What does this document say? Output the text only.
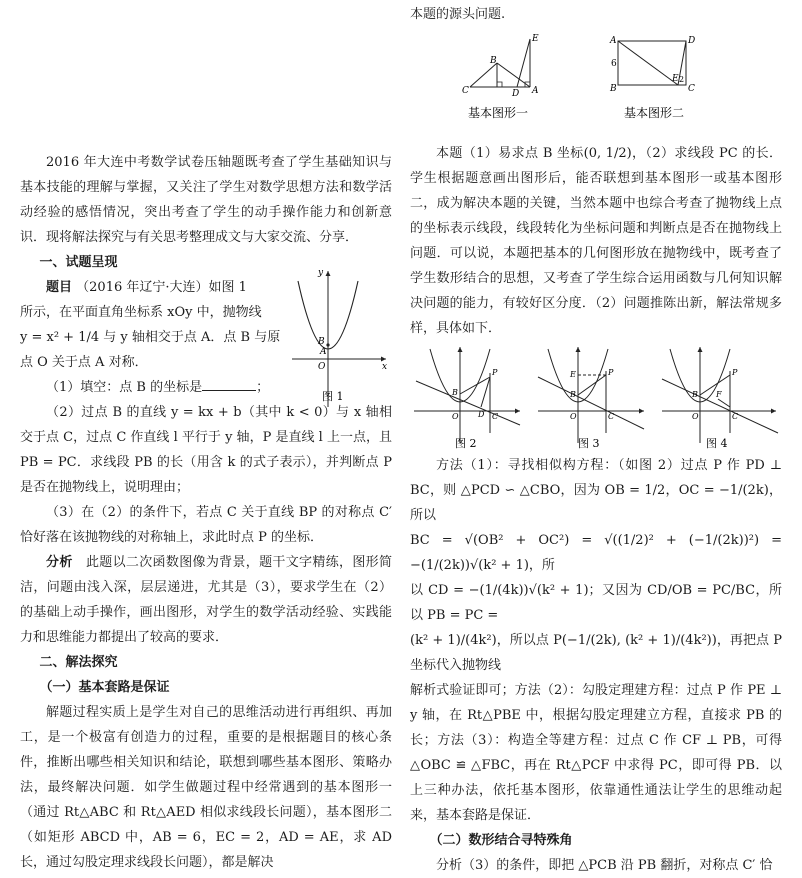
2016 年大连中考数学试卷压轴题既考查了学生基础知识与基本技能的理解与掌握，又关注了学生对数学思想方法和数学活动经验的感悟情况，突出考查了学生的动手操作能力和创新意识．现将解法探究与有关思考整理成文与大家交流、分享．

一、试题呈现

题目 （2016 年辽宁·大连）如图 1

所示，在平面直角坐标系 xOy 中，抛物线

y = x² + 1/4 与 y 轴相交于点 A．点 B 与原

点 O 关于点 A 对称．

（1）填空：点 B 的坐标是	；

y
B
A
O	x
图 1

（2）过点 B 的直线 y = kx + b（其中 k < 0）与 x 轴相交于点 C，过点 C 作直线 l 平行于 y 轴，P 是直线 l 上一点，且 PB = PC．求线段 PB 的长（用含 k 的式子表示），并判断点 P 是否在抛物线上，说明理由；

（3）在（2）的条件下，若点 C 关于直线 BP 的对称点 C′ 恰好落在该抛物线的对称轴上，求此时点 P 的坐标．

分析　 此题以二次函数图像为背景，题干文字精练，图形简洁，问题由浅入深，层层递进，尤其是（3），要求学生在（2）的基础上动手操作，画出图形，对学生的数学活动经验、实践能力和思维能力都提出了较高的要求．

二、解法探究

（一）基本套路是保证

解题过程实质上是学生对自己的思维活动进行再组织、再加工，是一个极富有创造力的过程，重要的是根据题目的核心条件，推断出哪些相关知识和结论，联想到哪些基本图形、策略办法，最终解决问题．如学生做题过程中经常遇到的基本图形一（通过 Rt△ABC 和 Rt△AED 相似求线段长问题），基本图形二（如矩形 ABCD 中，AB = 6，EC = 2，AD = AE，求 AD 长，通过勾股定理求线段长问题），都是解决

本题的源头问题.

E
B
C	D A
基本图形一
A	D
6
B
E 2
C
基本图形二

本题（1）易求点 B 坐标(0, 1/2)，（2）求线段 PC 的长．学生根据题意画出图形后，能否联想到基本图形一或基本图形二，成为解决本题的关键，当然本题中也综合考查了抛物线上点的坐标表示线段，线段转化为坐标问题和判断点是否在抛物线上问题．可以说，本题把基本的几何图形放在抛物线中，既考查了学生数形结合的思想，又考查了学生综合运用函数与几何知识解决问题的能力，有较好区分度．（2）问题推陈出新，解法常规多样，具体如下．

P
B
O D C
图 2
P
E
B
O	C
图 3
P
B
O
F
C
图 4

方法（1）：寻找相似构方程：（如图 2）过点 P 作 PD ⊥ BC，则 △PCD ∽ △CBO，因为 OB = 1/2，OC = −1/(2k)，所以

BC = √(OB² + OC²) = √((1/2)² + (−1/(2k))²) = −(1/(2k))√(k² + 1)，所

以 CD = −(1/(4k))√(k² + 1)；又因为 CD/OB = PC/BC，所以 PB = PC =

(k² + 1)/(4k²)，所以点 P(−1/(2k), (k² + 1)/(4k²))，再把点 P 坐标代入抛物线

解析式验证即可；方法（2）：勾股定理建方程：过点 P 作 PE ⊥ y 轴，在 Rt△PBE 中，根据勾股定理建立方程，直接求 PB 的长；方法（3）：构造全等建方程：过点 C 作 CF ⊥ PB，可得 △OBC ≌ △FBC，再在 Rt△PCF 中求得 PC，即可得 PB．以上三种办法，依托基本图形，依靠通性通法让学生的思维动起来，基本套路是保证．

（二）数形结合寻特殊角

分析（3）的条件，即把 △PCB 沿 PB 翻折，对称点 C′ 恰
